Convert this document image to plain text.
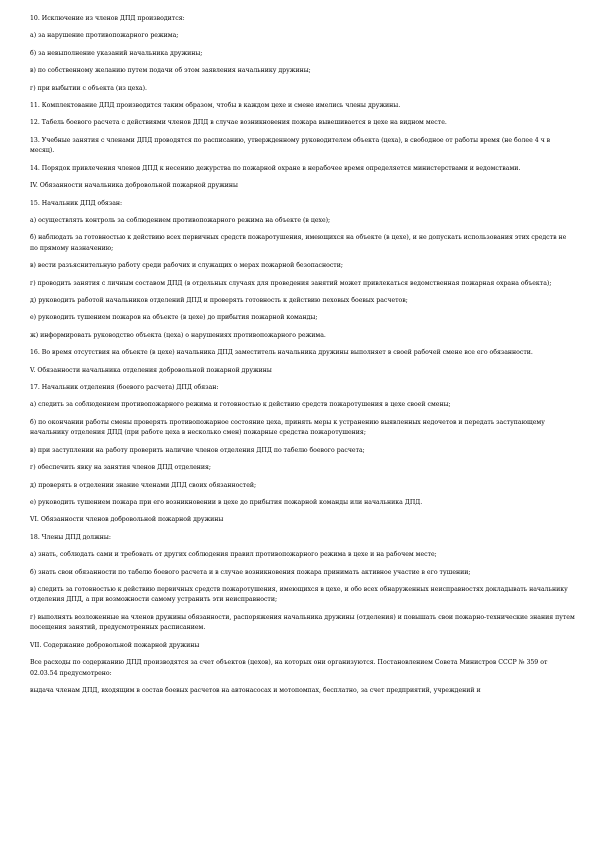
10. Исключение из членов ДПД производится:

а) за нарушение противопожарного режима;

б) за невыполнение указаний начальника дружины;

в) по собственному желанию путем подачи об этом заявления начальнику дружины;

г) при выбытии с объекта (из цеха).

11. Комплектование ДПД производится таким образом, чтобы в каждом цехе и смене имелись члены дружины.

12. Табель боевого расчета с действиями членов ДПД в случае возникновения пожара вывешивается в цехе на видном месте.

13. Учебные занятия с членами ДПД проводятся по расписанию, утвержденному руководителем объекта (цеха), в свободное от работы время (не более 4 ч в месяц).

14. Порядок привлечения членов ДПД к несению дежурства по пожарной охране в нерабочее время определяется министерствами и ведомствами.

IV. Обязанности начальника добровольной пожарной дружины

15. Начальник ДПД обязан:

а) осуществлять контроль за соблюдением противопожарного режима на объекте (в цехе);

б) наблюдать за готовностью к действию всех первичных средств пожаротушения, имеющихся на объекте (в цехе), и не допускать использования этих средств не по прямому назначению;

в) вести разъяснительную работу среди рабочих и служащих о мерах пожарной безопасности;

г) проводить занятия с личным составом ДПД (в отдельных случаях для проведения занятий может привлекаться ведомственная пожарная охрана объекта);

д) руководить работой начальников отделений ДПД и проверять готовность к действию пеховых боевых расчетов;

е) руководить тушением пожаров на объекте (в цехе) до прибытия пожарной команды;

ж) информировать руководство объекта (цеха) о нарушениях противопожарного режима.

16. Во время отсутствия на объекте (в цехе) начальника ДПД заместитель начальника дружины выполняет в своей рабочей смене все его обязанности.

V. Обязанности начальника отделения добровольной пожарной дружины

17. Начальник отделения (боевого расчета) ДПД обязан:

а) следить за соблюдением противопожарного режима и готовностью к действию средств пожаротушения в цехе своей смены;

б) по окончании работы смены проверять противопожарное состояние цеха, принять меры к устранению выявленных недочетов и передать заступающему начальнику отделения ДПД (при работе цеха в несколько смен) пожарные средства пожаротушения;

в) при заступлении на работу проверить наличие членов отделения ДПД по табелю боевого расчета;

г) обеспечить явку на занятия членов ДПД отделения;

д) проверять в отделении знание членами ДПД своих обязанностей;

е) руководить тушением пожара при его возникновении в цехе до прибытия пожарной команды или начальника ДПД.

VI. Обязанности членов добровольной пожарной дружины

18. Члены ДПД должны:

а) знать, соблюдать сами и требовать от других соблюдения правил противопожарного режима в цехе и на рабочем месте;

б) знать свои обязанности по табелю боевого расчета и в случае возникновения пожара принимать активное участие в его тушении;

в) следить за готовностью к действию первичных средств пожаротушения, имеющихся в цехе, и обо всех обнаруженных неисправностях докладывать начальнику отделения ДПД, а при возможности самому устранить эти неисправности;

г) выполнять возложенные на членов дружины обязанности, распоряжения начальника дружины (отделения) и повышать свои пожарно-технические знания путем посещения занятий, предусмотренных расписанием.

VII. Содержание добровольной пожарной дружины

Все расходы по содержанию ДПД производятся за счет объектов (цехов), на которых они организуются. Постановлением Совета Министров СССР № 359 от 02.03.54 предусмотрено:

выдача членам ДПД, входящим в состав боевых расчетов на автонасосах и мотопомпах, бесплатно, за счет предприятий, учреждений и
